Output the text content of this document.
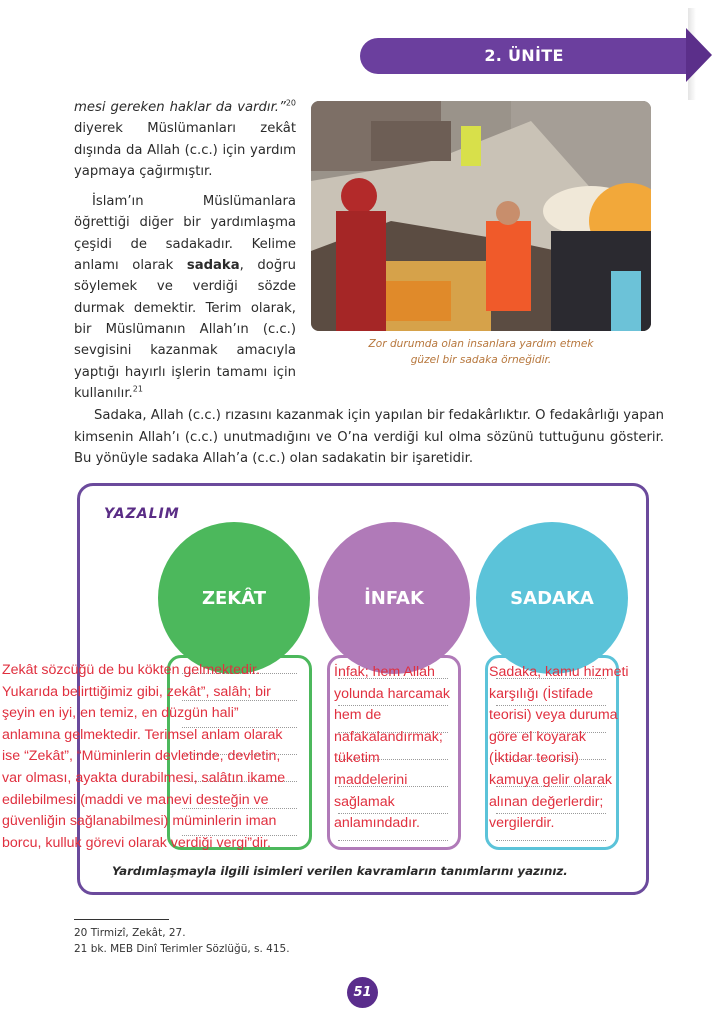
2. ÜNİTE

mesi gereken haklar da vardır.”$^{20}$ diyerek Müslümanları zekât dışında da Allah (c.c.) için yardım yapmaya çağırmıştır.

İslam’ın Müslümanlara öğrettiği diğer bir yardımlaşma çeşidi de sadakadır. Kelime anlamı olarak sadaka, doğru söylemek ve verdiği sözde durmak demektir. Terim olarak, bir Müslümanın Allah’ın (c.c.) sevgisini kazanmak amacıyla yaptığı hayırlı işlerin tamamı için kullanılır.$^{21}$

Zor durumda olan insanlara yardım etmek
güzel bir sadaka örneğidir.
Sadaka, Allah (c.c.) rızasını kazanmak için yapılan bir fedakârlıktır. O fedakârlığı yapan kimsenin Allah’ı (c.c.) unutmadığını ve O’na verdiği kul olma sözünü tuttuğunu gösterir. Bu yönüyle sadaka Allah’a (c.c.) olan sadakatin bir işaretidir.
YAZALIM
ZEKÂT	İNFAK	SADAKA
Yardımlaşmayla ilgili isimleri verilen kavramların tanımlarını yazınız.
Zekât sözcüğü de bu kökten gelmektedir.
Yukarıda belirttiğimiz gibi, zekât”, salâh; bir
şeyin en iyi, en temiz, en düzgün hali”
anlamına gelmektedir. Terimsel anlam olarak
ise “Zekât”, “Müminlerin devletinde, devletin,
var olması, ayakta durabilmesi, salâtın ikame
edilebilmesi (maddi ve manevi desteğin ve
güvenliğin sağlanabilmesi) müminlerin iman
borcu, kulluk görevi olarak verdiği vergi”dir.
İnfak; hem Allah
yolunda harcamak
hem de
nafakalandırmak;
tüketim
maddelerini
sağlamak
anlamındadır.
Sadaka, kamu hizmeti
karşılığı (İstifade
teorisi) veya duruma
göre el koyarak
(İktidar teorisi)
kamuya gelir olarak
alınan değerlerdir;
vergilerdir.
20 Tirmizî, Zekât, 27.
21 bk. MEB Dinî Terimler Sözlüğü, s. 415.
51
